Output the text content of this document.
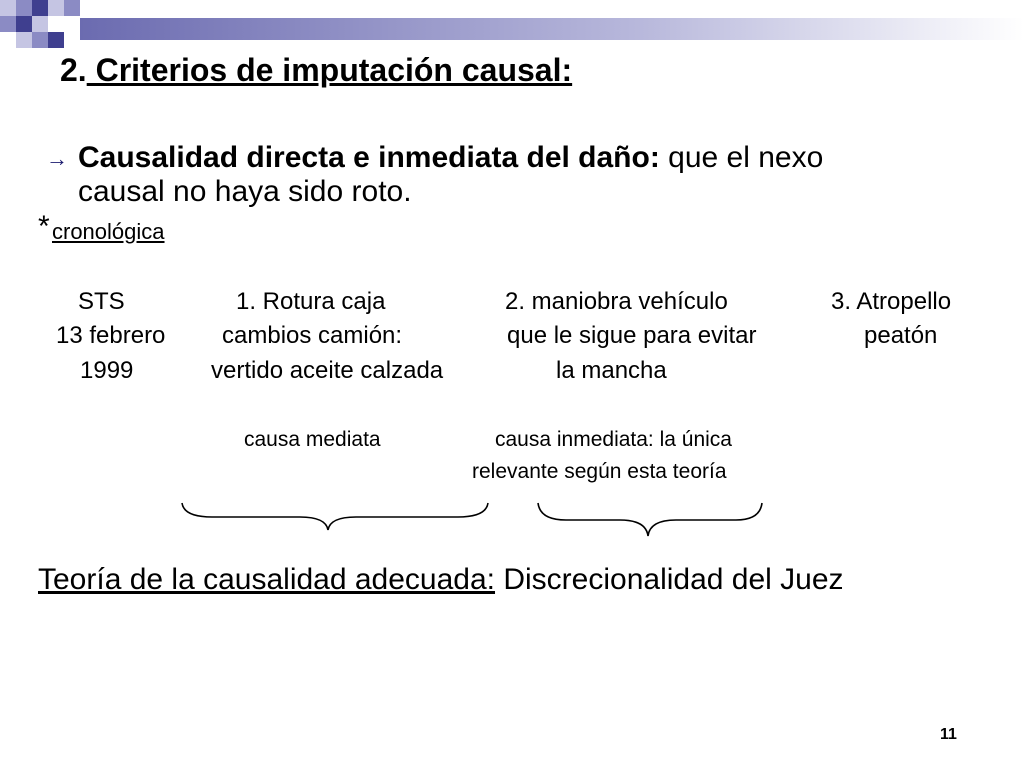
2. Criterios de imputación causal:
→ Causalidad directa e inmediata del daño: que el nexo
causal no haya sido roto.
* cronológica
STS
13 febrero
1999
1. Rotura caja
cambios camión:
vertido aceite calzada
2. maniobra vehículo
que le sigue para evitar
la mancha
3. Atropello
peatón
causa mediata	causa inmediata: la única
relevante según esta teoría
Teoría de la causalidad adecuada: Discrecionalidad del Juez
11
